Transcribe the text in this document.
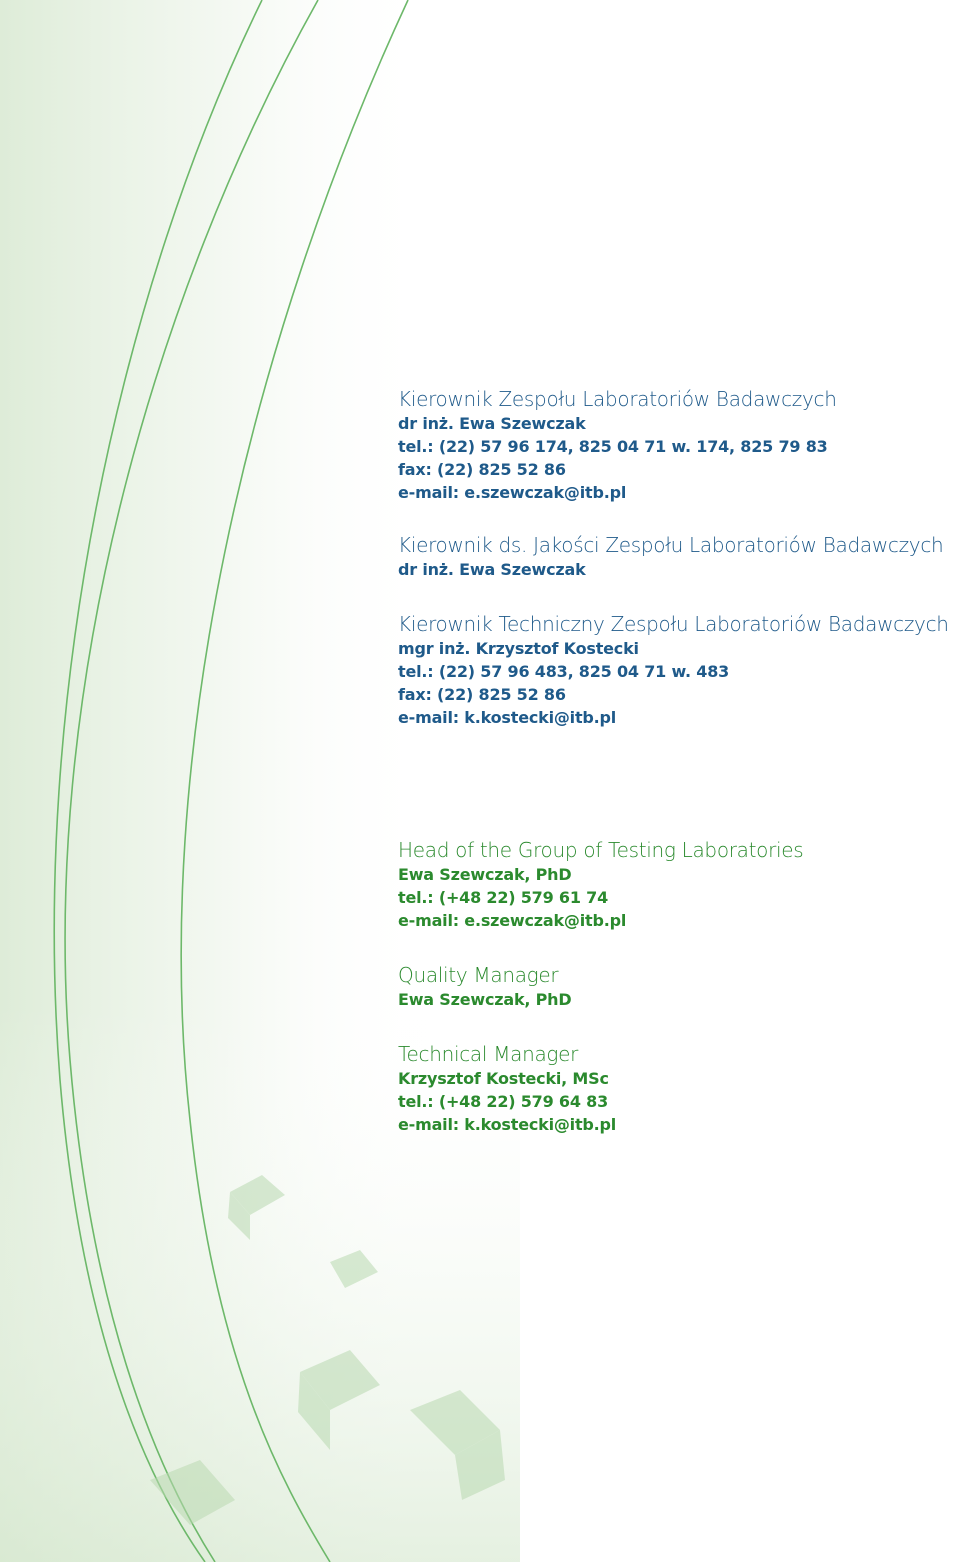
Kierownik Zespołu Laboratoriów Badawczych
dr inż. Ewa Szewczak
tel.: (22) 57 96 174, 825 04 71 w. 174, 825 79 83
fax: (22) 825 52 86
e-mail: e.szewczak@itb.pl
Kierownik ds. Jakości Zespołu Laboratoriów Badawczych
dr inż. Ewa Szewczak
Kierownik Techniczny Zespołu Laboratoriów Badawczych
mgr inż. Krzysztof Kostecki
tel.: (22) 57 96 483, 825 04 71 w. 483
fax: (22) 825 52 86
e-mail: k.kostecki@itb.pl
Head of the Group of Testing Laboratories
Ewa Szewczak, PhD
tel.: (+48 22) 579 61 74
e-mail: e.szewczak@itb.pl
Quality Manager
Ewa Szewczak, PhD
Technical Manager
Krzysztof Kostecki, MSc
tel.: (+48 22) 579 64 83
e-mail: k.kostecki@itb.pl
